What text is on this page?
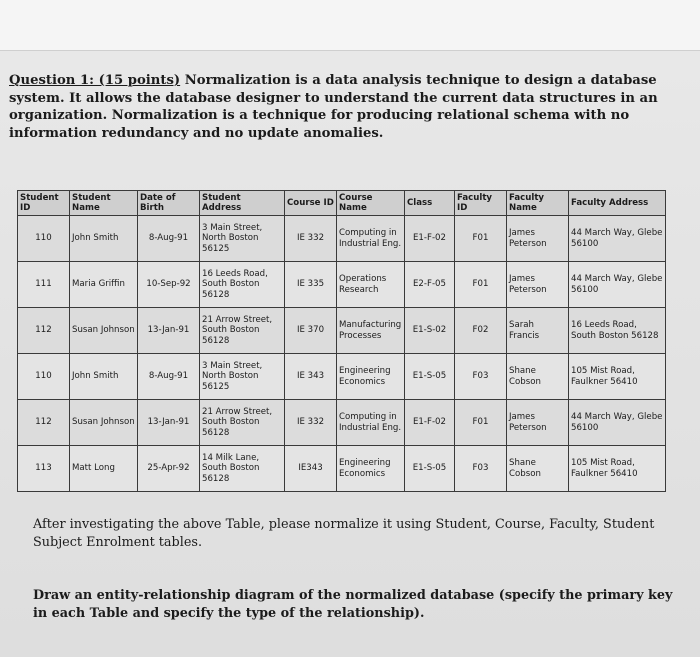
Question 1: (15 points) Normalization is a data analysis technique to design a database system. It allows the database designer to understand the current data structures in an organization. Normalization is a technique for producing relational schema with no information redundancy and no update anomalies.
Student ID	Student Name	Date of Birth	Student Address	Course ID	Course Name	Class	Faculty ID	Faculty Name	Faculty Address
110	John Smith	8-Aug-91	3 Main Street, North Boston 56125	IE 332	Computing in Industrial Eng.	E1-F-02	F01	James Peterson	44 March Way, Glebe 56100
111	Maria Griffin	10-Sep-92	16 Leeds Road, South Boston 56128	IE 335	Operations Research	E2-F-05	F01	James Peterson	44 March Way, Glebe 56100
112	Susan Johnson	13-Jan-91	21 Arrow Street, South Boston 56128	IE 370	Manufacturing Processes	E1-S-02	F02	Sarah Francis	16 Leeds Road, South Boston 56128
110	John Smith	8-Aug-91	3 Main Street, North Boston 56125	IE 343	Engineering Economics	E1-S-05	F03	Shane Cobson	105 Mist Road, Faulkner 56410
112	Susan Johnson	13-Jan-91	21 Arrow Street, South Boston 56128	IE 332	Computing in Industrial Eng.	E1-F-02	F01	James Peterson	44 March Way, Glebe 56100
113	Matt Long	25-Apr-92	14 Milk Lane, South Boston 56128	IE343	Engineering Economics	E1-S-05	F03	Shane Cobson	105 Mist Road, Faulkner 56410
After investigating the above Table, please normalize it using Student, Course, Faculty, Student Subject Enrolment tables.
Draw an entity-relationship diagram of the normalized database (specify the primary key in each Table and specify the type of the relationship).
